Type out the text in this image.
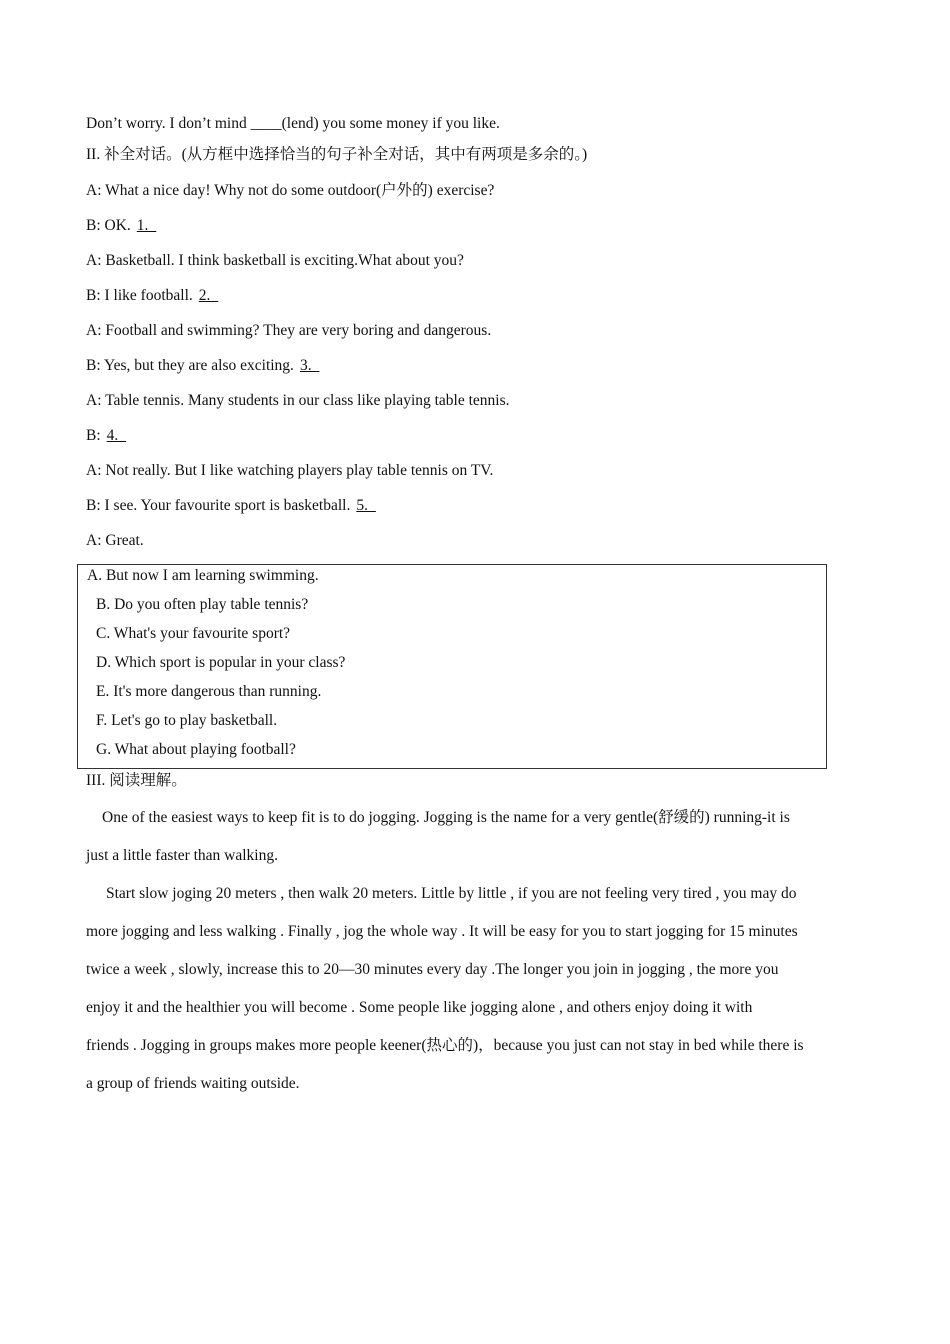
Don’t worry. I don’t mind ____(lend) you some money if you like.
II. 补全对话。(从方框中选择恰当的句子补全对话，其中有两项是多余的。)
A: What a nice day! Why not do some outdoor(户外的) exercise?
B: OK. 1._
A: Basketball. I think basketball is exciting.What about you?
B: I like football. 2._
A: Football and swimming? They are very boring and dangerous.
B: Yes, but they are also exciting. 3._
A: Table tennis. Many students in our class like playing table tennis.
B: 4._
A: Not really. But I like watching players play table tennis on TV.
B: I see. Your favourite sport is basketball. 5._
A: Great.
A. But now I am learning swimming.
B. Do you often play table tennis?
C. What's your favourite sport?
D. Which sport is popular in your class?
E. It's more dangerous than running.
F. Let's go to play basketball.
G. What about playing football?
III. 阅读理解。
One of the easiest ways to keep fit is to do jogging. Jogging is the name for a very gentle(舒缓的) running-it is
just a little faster than walking.
Start slow joging 20 meters , then walk 20 meters. Little by little , if you are not feeling very tired , you may do
more jogging and less walking . Finally , jog the whole way . It will be easy for you to start jogging for 15 minutes
twice a week , slowly, increase this to 20—30 minutes every day .The longer you join in jogging , the more you
enjoy it and the healthier you will become . Some people like jogging alone , and others enjoy doing it with
friends . Jogging in groups makes more people keener(热心的)，because you just can not stay in bed while there is
a group of friends waiting outside.
